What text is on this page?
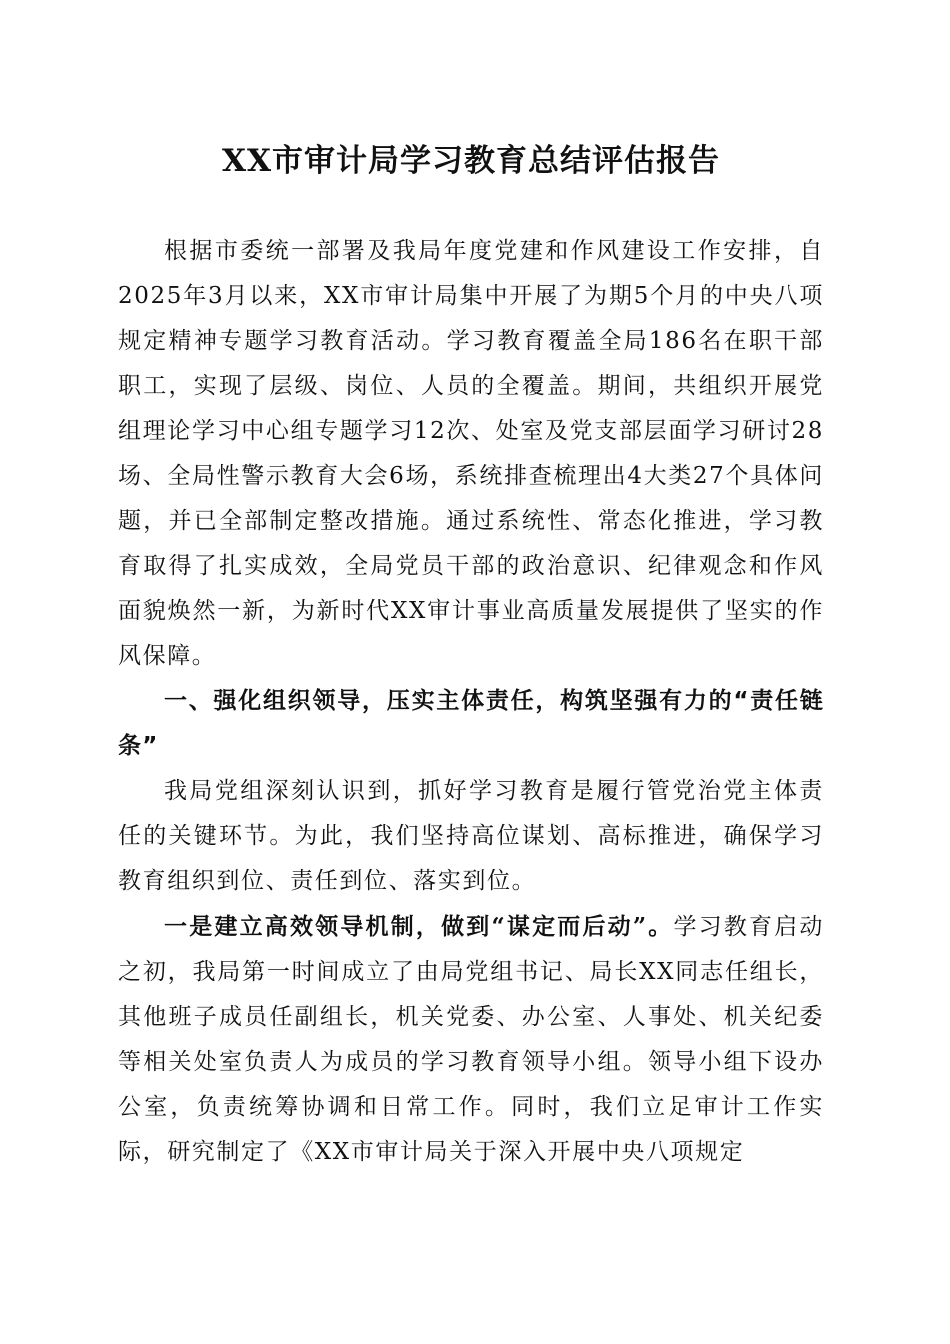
XX市审计局学习教育总结评估报告

根据市委统一部署及我局年度党建和作风建设工作安排，自2025年3月以来，XX市审计局集中开展了为期5个月的中央八项规定精神专题学习教育活动。学习教育覆盖全局186名在职干部职工，实现了层级、岗位、人员的全覆盖。期间，共组织开展党组理论学习中心组专题学习12次、处室及党支部层面学习研讨28场、全局性警示教育大会6场，系统排查梳理出4大类27个具体问题，并已全部制定整改措施。通过系统性、常态化推进，学习教育取得了扎实成效，全局党员干部的政治意识、纪律观念和作风面貌焕然一新，为新时代XX审计事业高质量发展提供了坚实的作风保障。

一、强化组织领导，压实主体责任，构筑坚强有力的“责任链条”

我局党组深刻认识到，抓好学习教育是履行管党治党主体责任的关键环节。为此，我们坚持高位谋划、高标推进，确保学习教育组织到位、责任到位、落实到位。

一是建立高效领导机制，做到“谋定而后动”。学习教育启动之初，我局第一时间成立了由局党组书记、局长XX同志任组长，其他班子成员任副组长，机关党委、办公室、人事处、机关纪委等相关处室负责人为成员的学习教育领导小组。领导小组下设办公室，负责统筹协调和日常工作。同时，我们立足审计工作实际，研究制定了《XX市审计局关于深入开展中央八项规定
